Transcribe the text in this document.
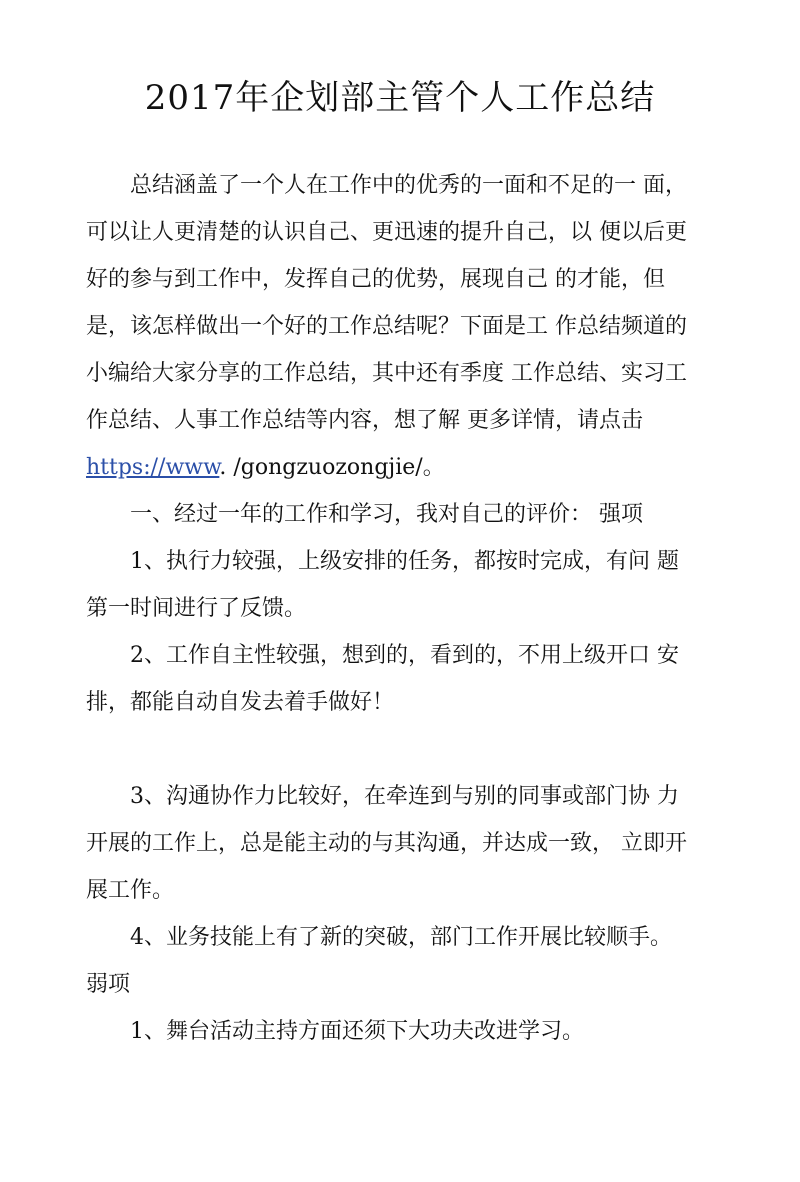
2017年企划部主管个人工作总结
总结涵盖了一个人在工作中的优秀的一面和不足的一 面，
可以让人更清楚的认识自己、更迅速的提升自己，以 便以后更
好的参与到工作中，发挥自己的优势，展现自己 的才能，但
是，该怎样做出一个好的工作总结呢？下面是工 作总结频道的
小编给大家分享的工作总结，其中还有季度 工作总结、实习工
作总结、人事工作总结等内容，想了解 更多详情，请点击
https://www. /gongzuozongjie/。
一、经过一年的工作和学习，我对自己的评价： 强项
1、执行力较强，上级安排的任务，都按时完成，有问 题
第一时间进行了反馈。
2、工作自主性较强，想到的，看到的，不用上级开口 安
排，都能自动自发去着手做好！
3、沟通协作力比较好，在牵连到与别的同事或部门协 力
开展的工作上，总是能主动的与其沟通，并达成一致， 立即开
展工作。
4、业务技能上有了新的突破，部门工作开展比较顺手。
弱项
1、舞台活动主持方面还须下大功夫改进学习。
